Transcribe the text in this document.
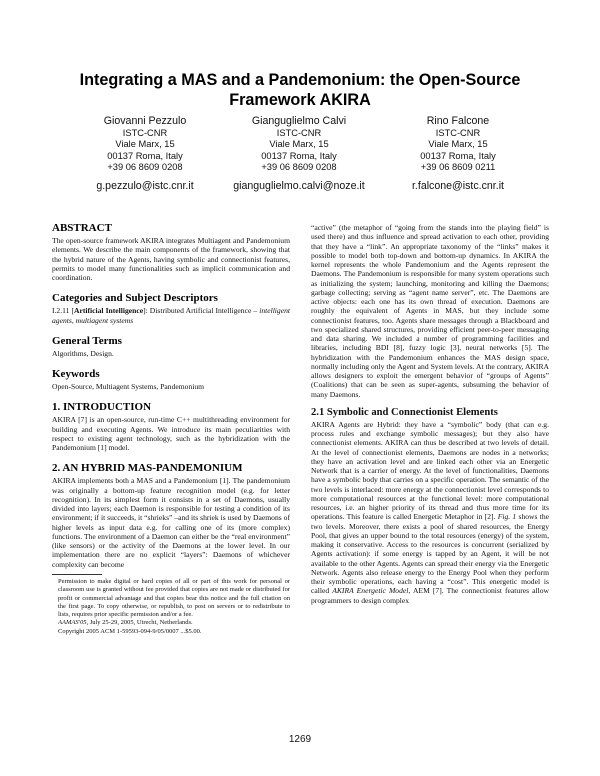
Integrating a MAS and a Pandemonium: the Open-Source
Framework AKIRA
Giovanni Pezzulo
ISTC-CNR
Viale Marx, 15
00137 Roma, Italy
+39 06 8609 0208
g.pezzulo@istc.cnr.it
Gianguglielmo Calvi
ISTC-CNR
Viale Marx, 15
00137 Roma, Italy
+39 06 8609 0208
gianguglielmo.calvi@noze.it
Rino Falcone
ISTC-CNR
Viale Marx, 15
00137 Roma, Italy
+39 06 8609 0211
r.falcone@istc.cnr.it
ABSTRACT

The open-source framework AKIRA integrates Multiagent and Pandemonium elements. We describe the main components of the framework, showing that the hybrid nature of the Agents, having symbolic and connectionist features, permits to model many functionalities such as implicit communication and coordination.

Categories and Subject Descriptors

I.2.11 [Artificial Intelligence]: Distributed Artificial Intelligence – intelligent agents, multiagent systems

General Terms

Algorithms, Design.

Keywords

Open-Source, Multiagent Systems, Pandemonium

1. INTRODUCTION

AKIRA [7] is an open-source, run-time C++ multithreading environment for building and executing Agents. We introduce its main peculiarities with respect to existing agent technology, such as the hybridization with the Pandemonium [1] model.

2. AN HYBRID MAS-PANDEMONIUM

AKIRA implements both a MAS and a Pandemonium [1]. The pandemonium was originally a bottom-up feature recognition model (e.g. for letter recognition). In its simplest form it consists in a set of Daemons, usually divided into layers; each Daemon is responsible for testing a condition of its environment; if it succeeds, it “shrieks” –and its shriek is used by Daemons of higher levels as input data e.g. for calling one of its (more complex) functions. The environment of a Daemon can either be the “real environment” (like sensors) or the activity of the Daemons at the lower level. In our implementation there are no explicit “layers”: Daemons of whichever complexity can become

Permission to make digital or hard copies of all or part of this work for personal or classroom use is granted without fee provided that copies are not made or distributed for profit or commercial advantage and that copies bear this notice and the full citation on the first page. To copy otherwise, or republish, to post on servers or to redistribute to lists, requires prior specific permission and/or a fee.

AAMAS'05, July 25-29, 2005, Utrecht, Netherlands.

Copyright 2005 ACM 1-59593-094-9/05/0007 ...$5.00.

“active” (the metaphor of “going from the stands into the playing field” is used there) and thus influence and spread activation to each other, providing that they have a “link”. An appropriate taxonomy of the “links” makes it possible to model both top-down and bottom-up dynamics. In AKIRA the kernel represents the whole Pandemonium and the Agents represent the Daemons. The Pandemonium is responsible for many system operations such as initializing the system; launching, monitoring and killing the Daemons; garbage collecting; serving as “agent name server”, etc. The Daemons are active objects: each one has its own thread of execution. Daemons are roughly the equivalent of Agents in MAS, but they include some connectionist features, too. Agents share messages through a Blackboard and two specialized shared structures, providing efficient peer-to-peer messaging and data sharing. We included a number of programming facilities and libraries, including BDI [8], fuzzy logic [3], neural networks [5]. The hybridization with the Pandemonium enhances the MAS design space, normally including only the Agent and System levels. At the contrary, AKIRA allows designers to exploit the emergent behavior of “groups of Agents” (Coalitions) that can be seen as super-agents, subsuming the behavior of many Daemons.

2.1 Symbolic and Connectionist Elements

AKIRA Agents are Hybrid: they have a “symbolic” body (that can e.g. process rules and exchange symbolic messages); but they also have connectionist elements. AKIRA can thus be described at two levels of detail. At the level of connectionist elements, Daemons are nodes in a networks; they have an activation level and are linked each other via an Energetic Network that is a carrier of energy. At the level of functionalities, Daemons have a symbolic body that carries on a specific operation. The semantic of the two levels is interlaced: more energy at the connectionist level corresponds to more computational resources at the functional level: more computational resources, i.e. an higher priority of its thread and thus more time for its operations. This feature is called Energetic Metaphor in [2]. Fig. 1 shows the two levels. Moreover, there exists a pool of shared resources, the Energy Pool, that gives an upper bound to the total resources (energy) of the system, making it conservative. Access to the resources is concurrent (serialized by Agents activation): if some energy is tapped by an Agent, it will be not available to the other Agents. Agents can spread their energy via the Energetic Network. Agents also release energy to the Energy Pool when they perform their symbolic operations, each having a “cost”. This energetic model is called AKIRA Energetic Model, AEM [7]. The connectionist features allow programmers to design complex

1269
